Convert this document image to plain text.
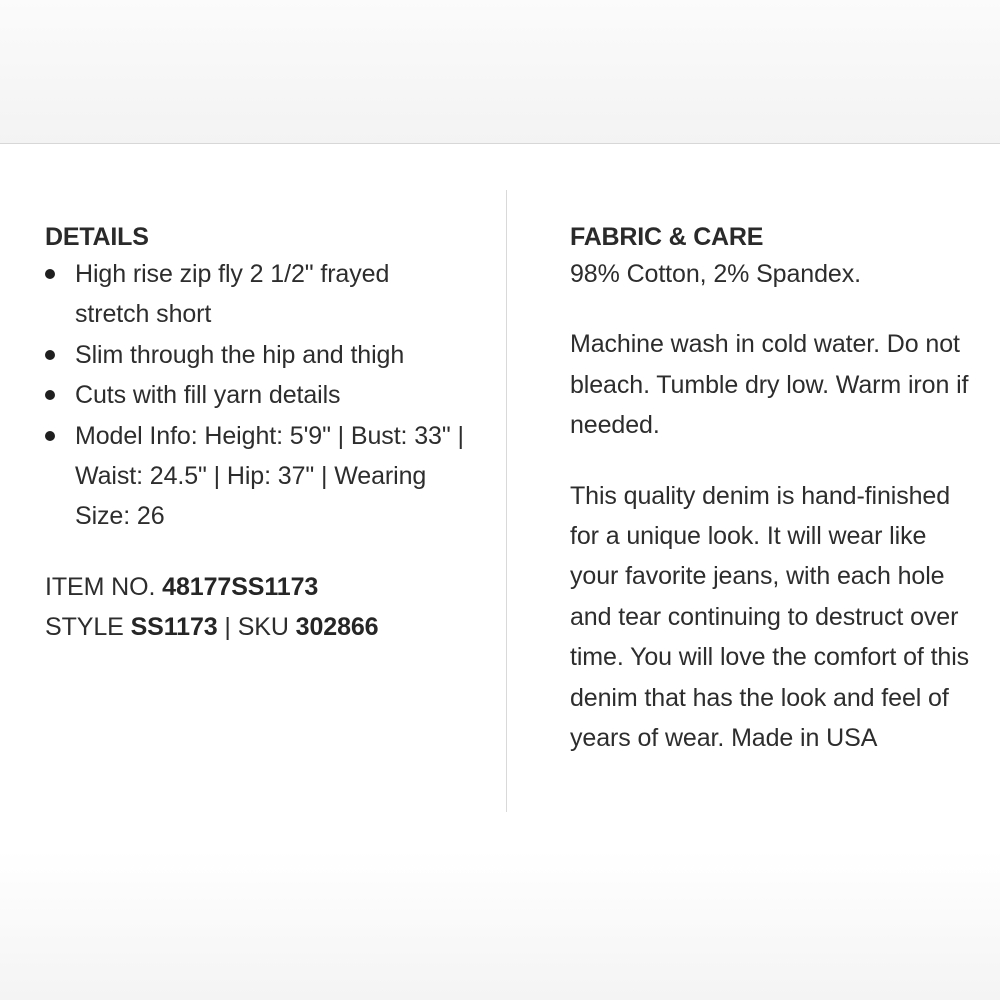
DETAILS
High rise zip fly 2 1/2" frayed stretch short
Slim through the hip and thigh
Cuts with fill yarn details
Model Info: Height: 5'9" | Bust: 33" | Waist: 24.5" | Hip: 37" | Wearing Size: 26
ITEM NO. 48177SS1173
STYLE SS1173 | SKU 302866
FABRIC & CARE

98% Cotton, 2% Spandex.

Machine wash in cold water. Do not bleach. Tumble dry low. Warm iron if needed.

This quality denim is hand-finished for a unique look. It will wear like your favorite jeans, with each hole and tear continuing to destruct over time. You will love the comfort of this denim that has the look and feel of years of wear. Made in USA
